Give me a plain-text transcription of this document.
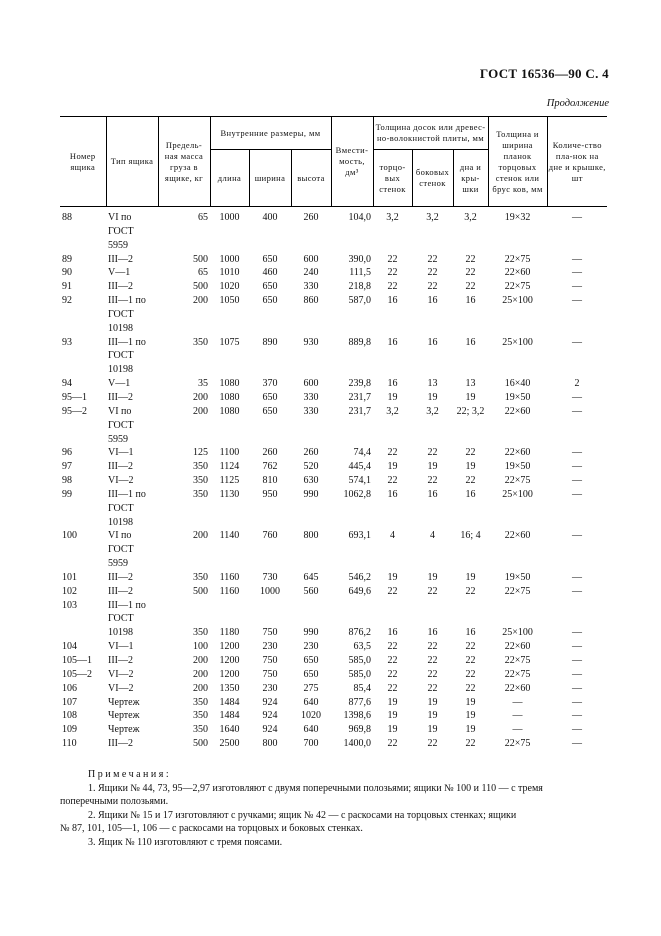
ГОСТ 16536—90 С. 4
Продолжение
Номер ящика	Тип ящика	Предель-ная масса груза в ящике, кг	Внутренние размеры, мм			Вмести-мость, дм³	Толщина досок или древес-но-волокнистой плиты, мм			Толщина и ширина планок торцовых стенок или брус ков, мм	Количе-ство пла-нок на дне и крышке, шт
			длина	ширина	высота		торцо-вых стенок	боковых стенок	дна и кры-шки		
88	VI по	65	1000	400	260	104,0	3,2	3,2	3,2	19×32	—
	ГОСТ										
	5959										
89	III—2	500	1000	650	600	390,0	22	22	22	22×75	—
90	V—1	65	1010	460	240	111,5	22	22	22	22×60	—
91	III—2	500	1020	650	330	218,8	22	22	22	22×75	—
92	III—1 по	200	1050	650	860	587,0	16	16	16	25×100	—
	ГОСТ										
	10198										
93	III—1 по	350	1075	890	930	889,8	16	16	16	25×100	—
	ГОСТ										
	10198										
94	V—1	35	1080	370	600	239,8	16	13	13	16×40	2
95—1	III—2	200	1080	650	330	231,7	19	19	19	19×50	—
95—2	VI по	200	1080	650	330	231,7	3,2	3,2	22; 3,2	22×60	—
	ГОСТ										
	5959										
96	VI—1	125	1100	260	260	74,4	22	22	22	22×60	—
97	III—2	350	1124	762	520	445,4	19	19	19	19×50	—
98	VI—2	350	1125	810	630	574,1	22	22	22	22×75	—
99	III—1 по	350	1130	950	990	1062,8	16	16	16	25×100	—
	ГОСТ										
	10198										
100	VI по	200	1140	760	800	693,1	4	4	16; 4	22×60	—
	ГОСТ										
	5959										
101	III—2	350	1160	730	645	546,2	19	19	19	19×50	—
102	III—2	500	1160	1000	560	649,6	22	22	22	22×75	—
103	III—1 по										
	ГОСТ										
	10198	350	1180	750	990	876,2	16	16	16	25×100	—
104	VI—1	100	1200	230	230	63,5	22	22	22	22×60	—
105—1	III—2	200	1200	750	650	585,0	22	22	22	22×75	—
105—2	VI—2	200	1200	750	650	585,0	22	22	22	22×75	—
106	VI—2	200	1350	230	275	85,4	22	22	22	22×60	—
107	Чертеж	350	1484	924	640	877,6	19	19	19	—	—
108	Чертеж	350	1484	924	1020	1398,6	19	19	19	—	—
109	Чертеж	350	1640	924	640	969,8	19	19	19	—	—
110	III—2	500	2500	800	700	1400,0	22	22	22	22×75	—

Примечания:

1. Ящики № 44, 73, 95—2,97 изготовляют с двумя поперечными полозьями; ящики № 100 и 110 — с тремя

поперечными полозьями.

2. Ящики № 15 и 17 изготовляют с ручками; ящик № 42 — с раскосами на торцовых стенках; ящики

№ 87, 101, 105—1, 106 — с раскосами на торцовых и боковых стенках.

3. Ящик № 110 изготовляют с тремя поясами.
